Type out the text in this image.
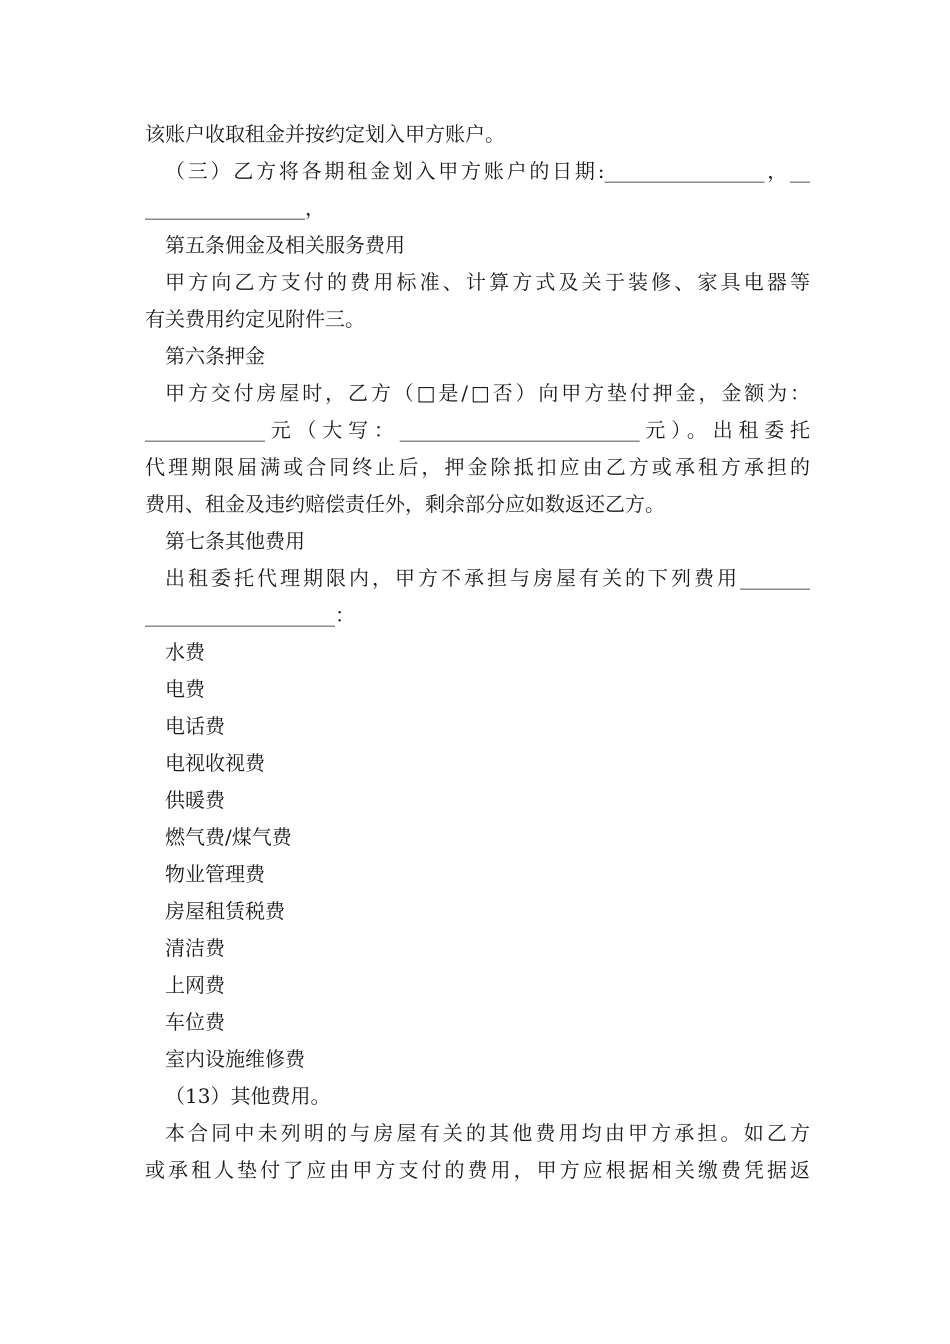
该账户收取租金并按约定划入甲方账户。
（三）乙方将各期租金划入甲方账户的日期:________________，__
________________，
第五条佣金及相关服务费用
甲方向乙方支付的费用标准、计算方式及关于装修、家具电器等
有关费用约定见附件三。
第六条押金
甲方交付房屋时，乙方（□是/□否）向甲方垫付押金，金额为：
____________元（大写：________________________元）。出租委托
代理期限届满或合同终止后，押金除抵扣应由乙方或承租方承担的
费用、租金及违约赔偿责任外，剩余部分应如数返还乙方。
第七条其他费用
出租委托代理期限内，甲方不承担与房屋有关的下列费用_______
___________________：
水费
电费
电话费
电视收视费
供暖费
燃气费/煤气费
物业管理费
房屋租赁税费
清洁费
上网费
车位费
室内设施维修费
（13）其他费用。
本合同中未列明的与房屋有关的其他费用均由甲方承担。如乙方
或承租人垫付了应由甲方支付的费用，甲方应根据相关缴费凭据返
